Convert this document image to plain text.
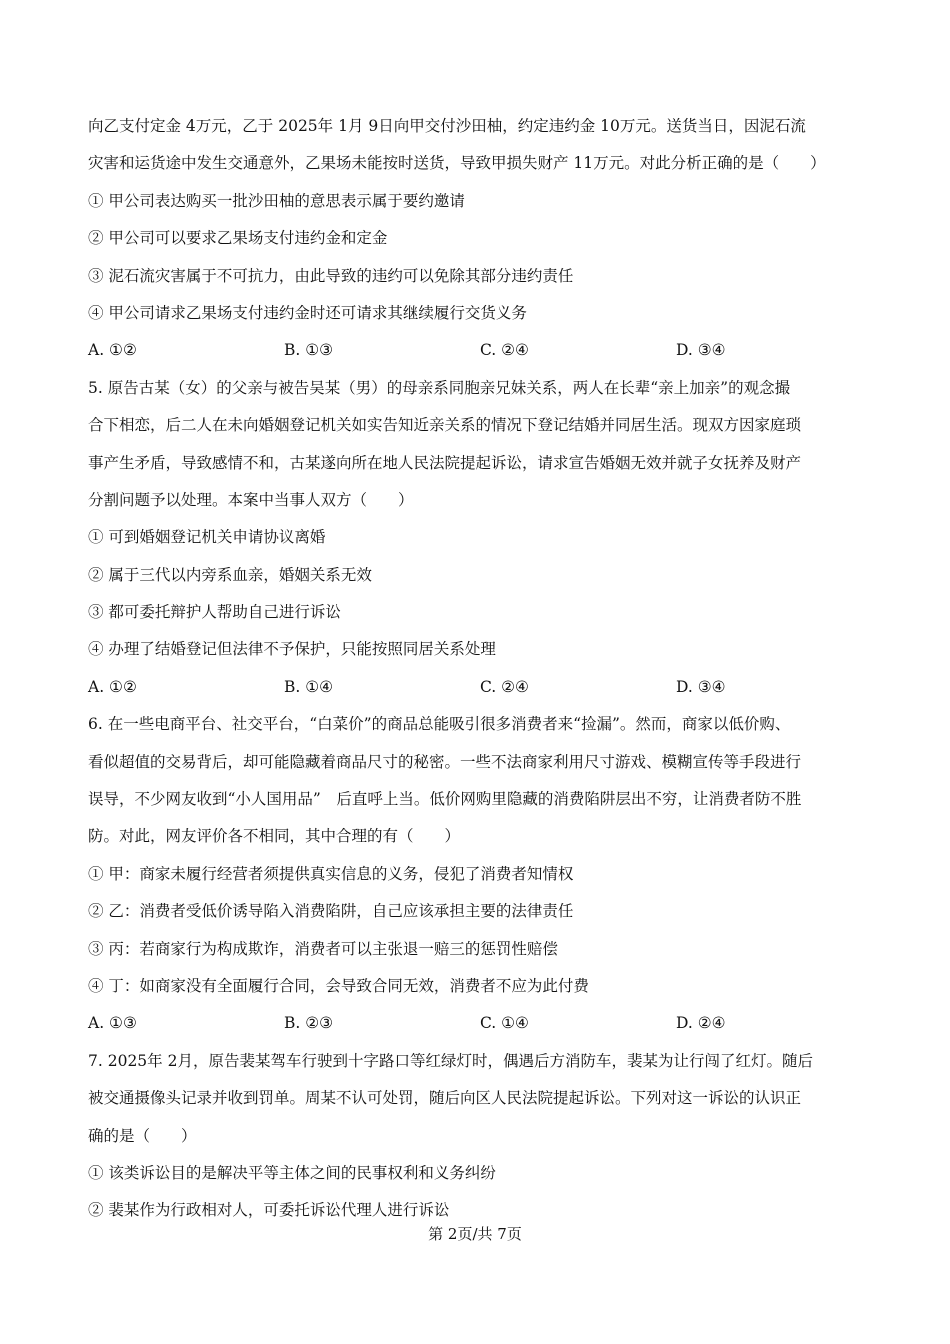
向乙支付定金 4万元，乙于 2025年 1月 9日向甲交付沙田柚，约定违约金 10万元。送货当日，因泥石流
灾害和运货途中发生交通意外，乙果场未能按时送货，导致甲损失财产 11万元。对此分析正确的是（　　）
① 甲公司表达购买一批沙田柚的意思表示属于要约邀请
② 甲公司可以要求乙果场支付违约金和定金
③ 泥石流灾害属于不可抗力，由此导致的违约可以免除其部分违约责任
④ 甲公司请求乙果场支付违约金时还可请求其继续履行交货义务
A. ①②	B. ①③	C. ②④	D. ③④
5. 原告古某（女）的父亲与被告吴某（男）的母亲系同胞亲兄妹关系，两人在长辈“亲上加亲”的观念撮
合下相恋，后二人在未向婚姻登记机关如实告知近亲关系的情况下登记结婚并同居生活。现双方因家庭琐
事产生矛盾，导致感情不和，古某遂向所在地人民法院提起诉讼，请求宣告婚姻无效并就子女抚养及财产
分割问题予以处理。本案中当事人双方（　　）
① 可到婚姻登记机关申请协议离婚
② 属于三代以内旁系血亲，婚姻关系无效
③ 都可委托辩护人帮助自己进行诉讼
④ 办理了结婚登记但法律不予保护，只能按照同居关系处理
A. ①②	B. ①④	C. ②④	D. ③④
6. 在一些电商平台、社交平台，“白菜价”的商品总能吸引很多消费者来“捡漏”。然而，商家以低价购、
看似超值的交易背后，却可能隐藏着商品尺寸的秘密。一些不法商家利用尺寸游戏、模糊宣传等手段进行
误导，不少网友收到“小人国用品”　后直呼上当。低价网购里隐藏的消费陷阱层出不穷，让消费者防不胜
防。对此，网友评价各不相同，其中合理的有（　　）
① 甲：商家未履行经营者须提供真实信息的义务，侵犯了消费者知情权
② 乙：消费者受低价诱导陷入消费陷阱，自己应该承担主要的法律责任
③ 丙：若商家行为构成欺诈，消费者可以主张退一赔三的惩罚性赔偿
④ 丁：如商家没有全面履行合同，会导致合同无效，消费者不应为此付费
A. ①③	B. ②③	C. ①④	D. ②④
7. 2025年 2月，原告裴某驾车行驶到十字路口等红绿灯时，偶遇后方消防车，裴某为让行闯了红灯。随后
被交通摄像头记录并收到罚单。周某不认可处罚，随后向区人民法院提起诉讼。下列对这一诉讼的认识正
确的是（　　）
① 该类诉讼目的是解决平等主体之间的民事权利和义务纠纷
② 裴某作为行政相对人，可委托诉讼代理人进行诉讼
第 2页/共 7页
